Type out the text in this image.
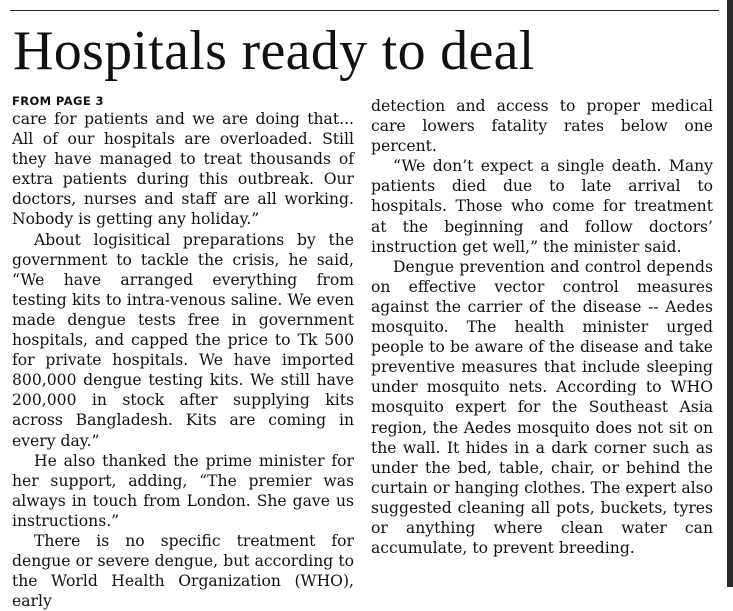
Hospitals ready to deal

FROM PAGE 3

care for patients and we are doing that... All of our hospitals are overloaded. Still they have managed to treat thousands of extra patients during this outbreak. Our doctors, nurses and staff are all working. Nobody is getting any holiday.”

About logisitical preparations by the government to tackle the crisis, he said, “We have arranged everything from testing kits to intra-venous saline. We even made dengue tests free in government hospitals, and capped the price to Tk 500 for private hospitals. We have imported 800,000 dengue testing kits. We still have 200,000 in stock after supplying kits across Bangladesh. Kits are coming in every day.”

He also thanked the prime minister for her support, adding, “The premier was always in touch from London. She gave us instructions.”

There is no specific treatment for dengue or severe dengue, but according to the World Health Organization (WHO), early

detection and access to proper medical care lowers fatality rates below one percent.

“We don’t expect a single death. Many patients died due to late arrival to hospitals. Those who come for treatment at the beginning and follow doctors’ instruction get well,” the minister said.

Dengue prevention and control depends on effective vector control measures against the carrier of the disease -- Aedes mosquito. The health minister urged people to be aware of the disease and take preventive measures that include sleeping under mosquito nets. According to WHO mosquito expert for the Southeast Asia region, the Aedes mosquito does not sit on the wall. It hides in a dark corner such as under the bed, table, chair, or behind the curtain or hanging clothes. The expert also suggested cleaning all pots, buckets, tyres or anything where clean water can accumulate, to prevent breeding.
